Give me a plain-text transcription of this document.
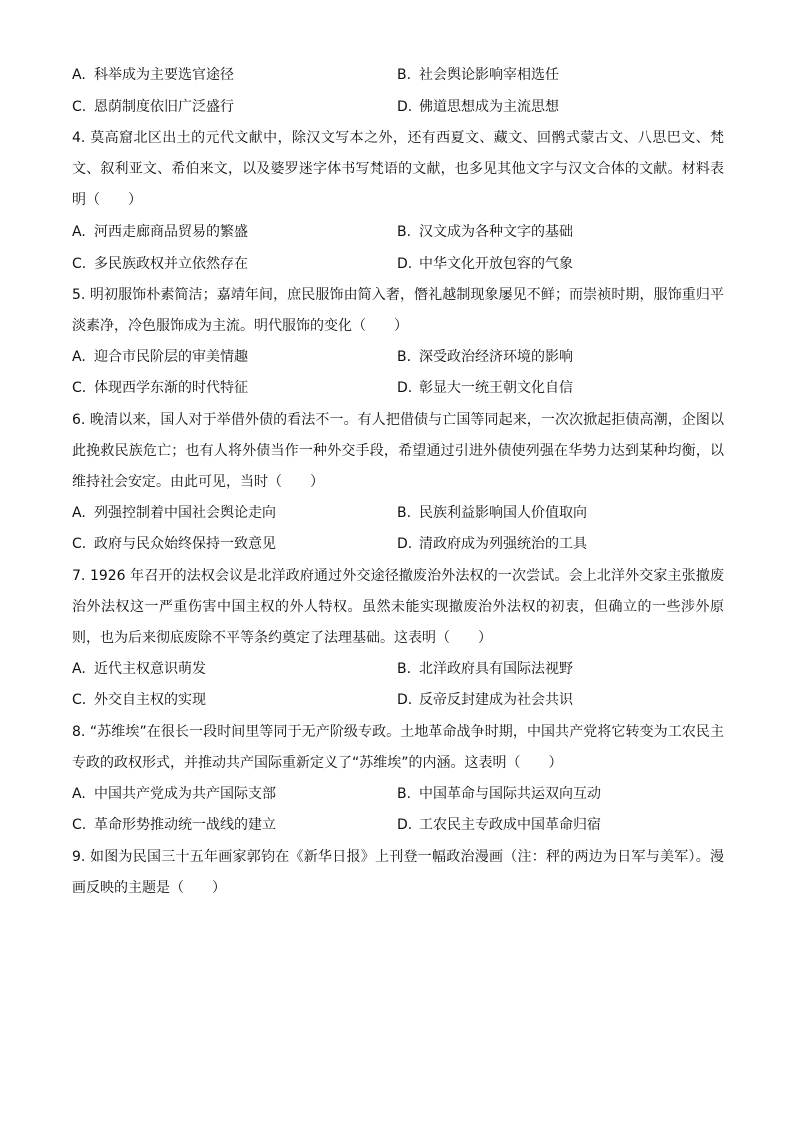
A. 科举成为主要选官途径	B. 社会舆论影响宰相选任
C. 恩荫制度依旧广泛盛行	D. 佛道思想成为主流思想
4. 莫高窟北区出土的元代文献中，除汉文写本之外，还有西夏文、藏文、回鹘式蒙古文、八思巴文、梵文、叙利亚文、希伯来文，以及婆罗迷字体书写梵语的文献，也多见其他文字与汉文合体的文献。材料表明（　　）
A. 河西走廊商品贸易的繁盛	B. 汉文成为各种文字的基础
C. 多民族政权并立依然存在	D. 中华文化开放包容的气象
5. 明初服饰朴素简洁；嘉靖年间，庶民服饰由简入奢，僭礼越制现象屡见不鲜；而崇祯时期，服饰重归平淡素净，冷色服饰成为主流。明代服饰的变化（　　）
A. 迎合市民阶层的审美情趣	B. 深受政治经济环境的影响
C. 体现西学东渐的时代特征	D. 彰显大一统王朝文化自信
6. 晚清以来，国人对于举借外债的看法不一。有人把借债与亡国等同起来，一次次掀起拒债高潮，企图以此挽救民族危亡；也有人将外债当作一种外交手段，希望通过引进外债使列强在华势力达到某种均衡，以维持社会安定。由此可见，当时（　　）
A. 列强控制着中国社会舆论走向	B. 民族利益影响国人价值取向
C. 政府与民众始终保持一致意见	D. 清政府成为列强统治的工具
7. 1926 年召开的法权会议是北洋政府通过外交途径撤废治外法权的一次尝试。会上北洋外交家主张撤废治外法权这一严重伤害中国主权的外人特权。虽然未能实现撤废治外法权的初衷，但确立的一些涉外原则，也为后来彻底废除不平等条约奠定了法理基础。这表明（　　）
A. 近代主权意识萌发	B. 北洋政府具有国际法视野
C. 外交自主权的实现	D. 反帝反封建成为社会共识
8. “苏维埃”在很长一段时间里等同于无产阶级专政。土地革命战争时期，中国共产党将它转变为工农民主专政的政权形式，并推动共产国际重新定义了“苏维埃”的内涵。这表明（　　）
A. 中国共产党成为共产国际支部	B. 中国革命与国际共运双向互动
C. 革命形势推动统一战线的建立	D. 工农民主专政成中国革命归宿
9. 如图为民国三十五年画家郭钧在《新华日报》上刊登一幅政治漫画（注：秤的两边为日军与美军）。漫画反映的主题是（　　）
